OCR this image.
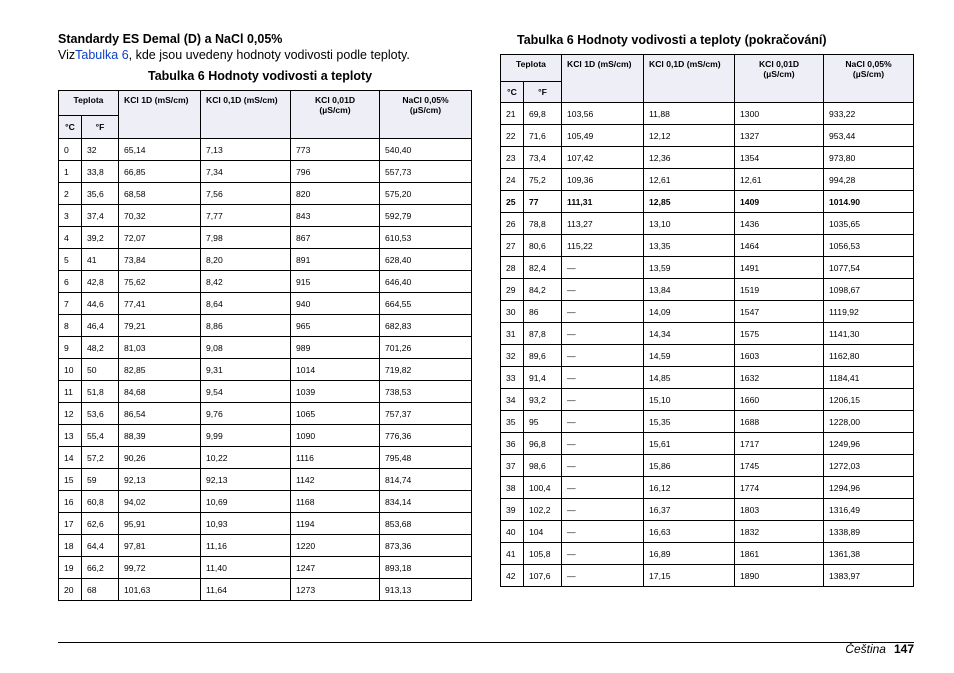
Standardy ES Demal (D) a NaCl 0,05%
VizTabulka 6, kde jsou uvedeny hodnoty vodivosti podle teploty.
Tabulka 6 Hodnoty vodivosti a teploty
Teplota		KCl 1D (mS/cm)	KCl 0,1D (mS/cm)	KCl 0,01D (µS/cm)	NaCl 0,05% (µS/cm)
°C	°F				
0	32	65,14	7,13	773	540,40
1	33,8	66,85	7,34	796	557,73
2	35,6	68,58	7,56	820	575,20
3	37,4	70,32	7,77	843	592,79
4	39,2	72,07	7,98	867	610,53
5	41	73,84	8,20	891	628,40
6	42,8	75,62	8,42	915	646,40
7	44,6	77,41	8,64	940	664,55
8	46,4	79,21	8,86	965	682,83
9	48,2	81,03	9,08	989	701,26
10	50	82,85	9,31	1014	719,82
11	51,8	84,68	9,54	1039	738,53
12	53,6	86,54	9,76	1065	757,37
13	55,4	88,39	9,99	1090	776,36
14	57,2	90,26	10,22	1116	795,48
15	59	92,13	92,13	1142	814,74
16	60,8	94,02	10,69	1168	834,14
17	62,6	95,91	10,93	1194	853,68
18	64,4	97,81	11,16	1220	873,36
19	66,2	99,72	11,40	1247	893,18
20	68	101,63	11,64	1273	913,13
Tabulka 6 Hodnoty vodivosti a teploty (pokračování)
Teplota		KCl 1D (mS/cm)	KCl 0,1D (mS/cm)	KCl 0,01D (µS/cm)	NaCl 0,05% (µS/cm)
°C	°F				
21	69,8	103,56	11,88	1300	933,22
22	71,6	105,49	12,12	1327	953,44
23	73,4	107,42	12,36	1354	973,80
24	75,2	109,36	12,61	12,61	994,28
25	77	111,31	12,85	1409	1014.90
26	78,8	113,27	13,10	1436	1035,65
27	80,6	115,22	13,35	1464	1056,53
28	82,4	—	13,59	1491	1077,54
29	84,2	—	13,84	1519	1098,67
30	86	—	14,09	1547	1119,92
31	87,8	—	14,34	1575	1141,30
32	89,6	—	14,59	1603	1162,80
33	91,4	—	14,85	1632	1184,41
34	93,2	—	15,10	1660	1206,15
35	95	—	15,35	1688	1228,00
36	96,8	—	15,61	1717	1249,96
37	98,6	—	15,86	1745	1272,03
38	100,4	—	16,12	1774	1294,96
39	102,2	—	16,37	1803	1316,49
40	104	—	16,63	1832	1338,89
41	105,8	—	16,89	1861	1361,38
42	107,6	—	17,15	1890	1383,97
Čeština 147
